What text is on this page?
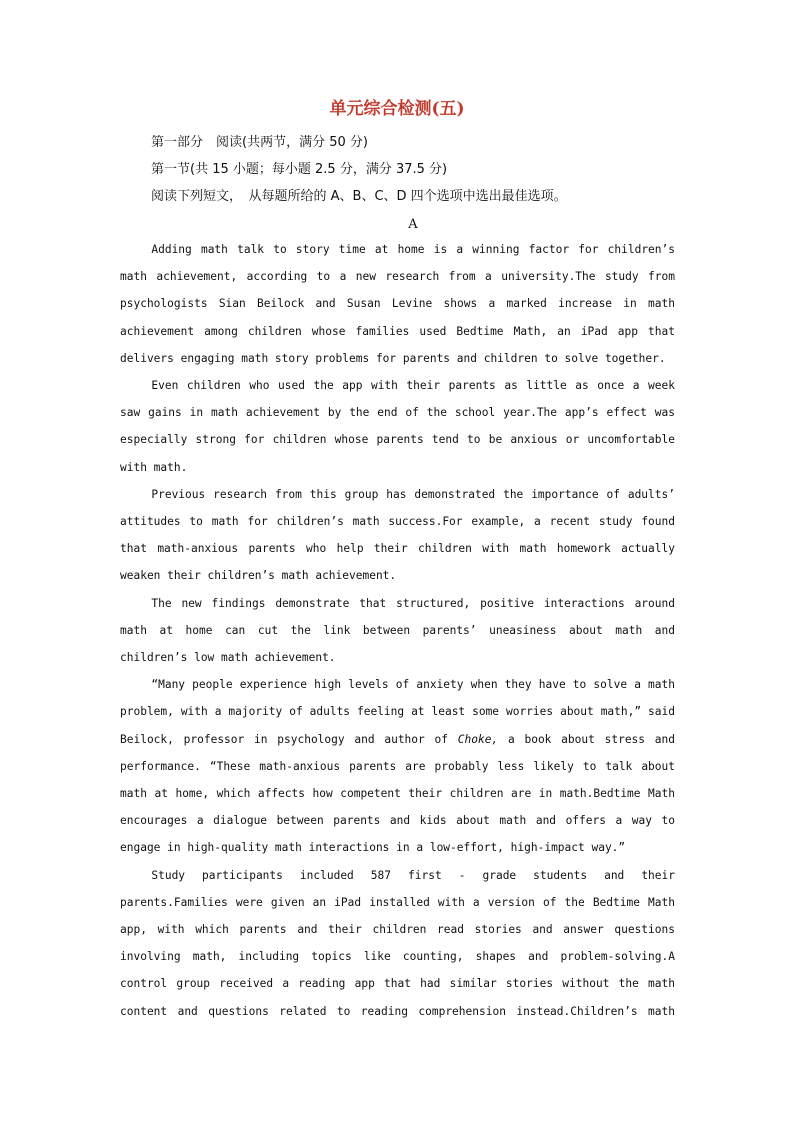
单元综合检测(五)
第一部分　阅读(共两节，满分 50 分)
第一节(共 15 小题；每小题 2.5 分，满分 37.5 分)
阅读下列短文，　从每题所给的 A、B、C、D 四个选项中选出最佳选项。
A

Adding math talk to story time at home is a winning factor for children’s math achievement, according to a new research from a university.The study from psychologists Sian Beilock and Susan Levine shows a marked increase in math achievement among children whose families used Bedtime Math, an iPad app that delivers engaging math story problems for parents and children to solve together.

Even children who used the app with their parents as little as once a week saw gains in math achievement by the end of the school year.The app’s effect was especially strong for children whose parents tend to be anxious or uncomfortable with math.

Previous research from this group has demonstrated the importance of adults’ attitudes to math for children’s math success.For example, a recent study found that math-anxious parents who help their children with math homework actually weaken their children’s math achievement.

The new findings demonstrate that structured, positive interactions around math at home can cut the link between parents’ uneasiness about math and children’s low math achievement.

“Many people experience high levels of anxiety when they have to solve a math problem, with a majority of adults feeling at least some worries about math,” said Beilock, professor in psychology and author of Choke, a book about stress and performance. “These math-anxious parents are probably less likely to talk about math at home, which affects how competent their children are in math.Bedtime Math encourages a dialogue between parents and kids about math and offers a way to engage in high-quality math interactions in a low-effort, high-impact way.”

Study participants included 587 first - grade students and their parents.Families were given an iPad installed with a version of the Bedtime Math app, with which parents and their children read stories and answer questions involving math, including topics like counting, shapes and problem-solving.A control group received a reading app that had similar stories without the math content and questions related to reading comprehension instead.Children’s math
